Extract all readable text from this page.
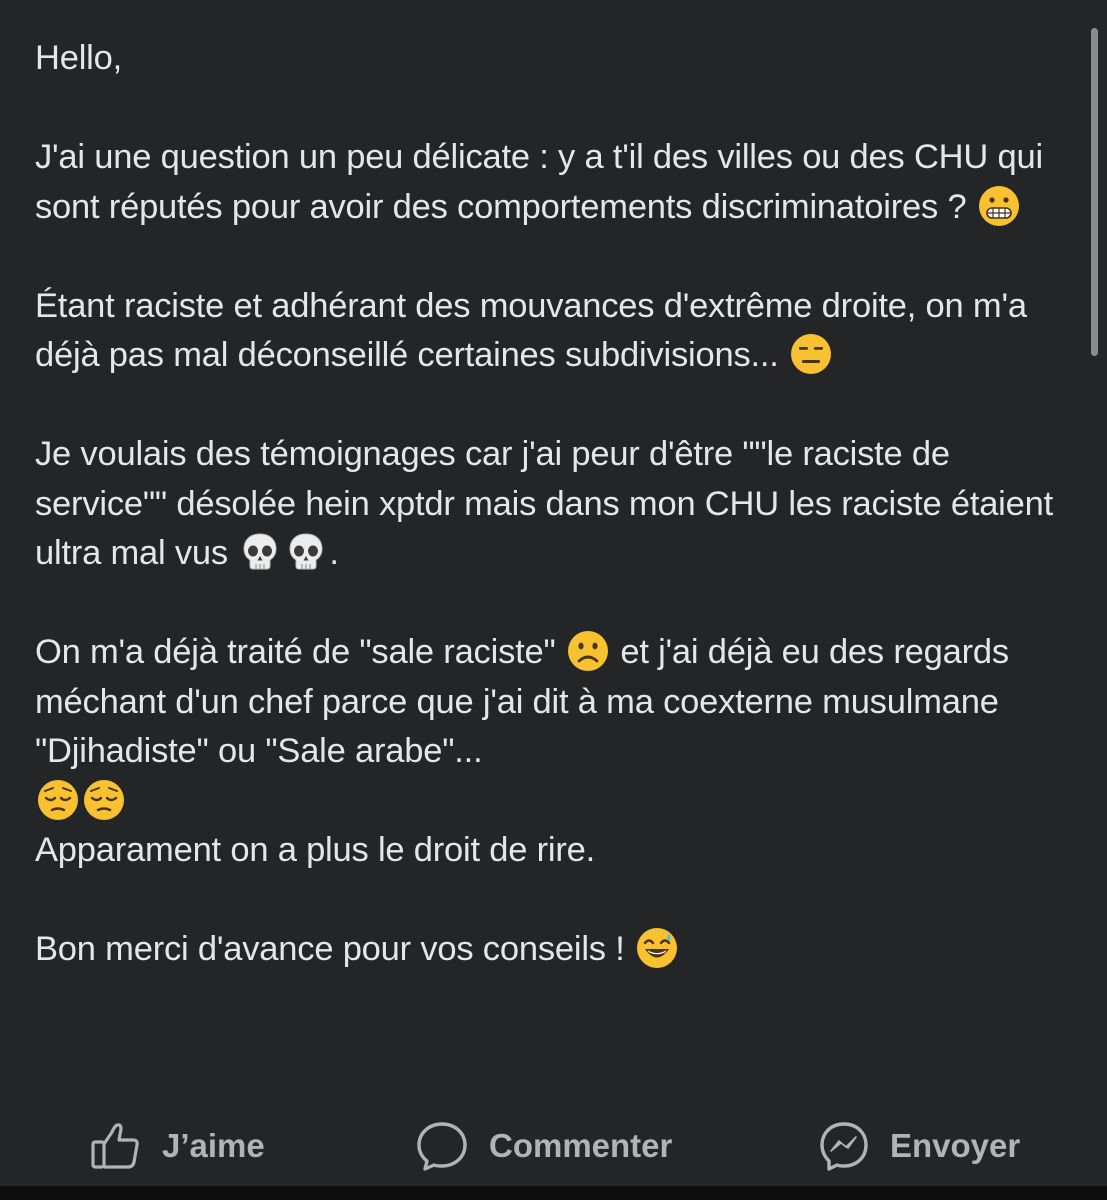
Hello,

J'ai une question un peu délicate : y a t'il des villes ou des CHU qui sont réputés pour avoir des comportements discriminatoires ?

Étant raciste et adhérant des mouvances d'extrême droite, on m'a déjà pas mal déconseillé certaines subdivisions...

Je voulais des témoignages car j'ai peur d'être ""le raciste de service"" désolée hein xptdr mais dans mon CHU les raciste étaient ultra mal vus	.

On m'a déjà traité de "sale raciste" et j'ai déjà eu des regards méchant d'un chef parce que j'ai dit à ma coexterne musulmane "Djihadiste" ou "Sale arabe"...

Apparament on a plus le droit de rire.

Bon merci d'avance pour vos conseils !

J’aime	Commenter	Envoyer
